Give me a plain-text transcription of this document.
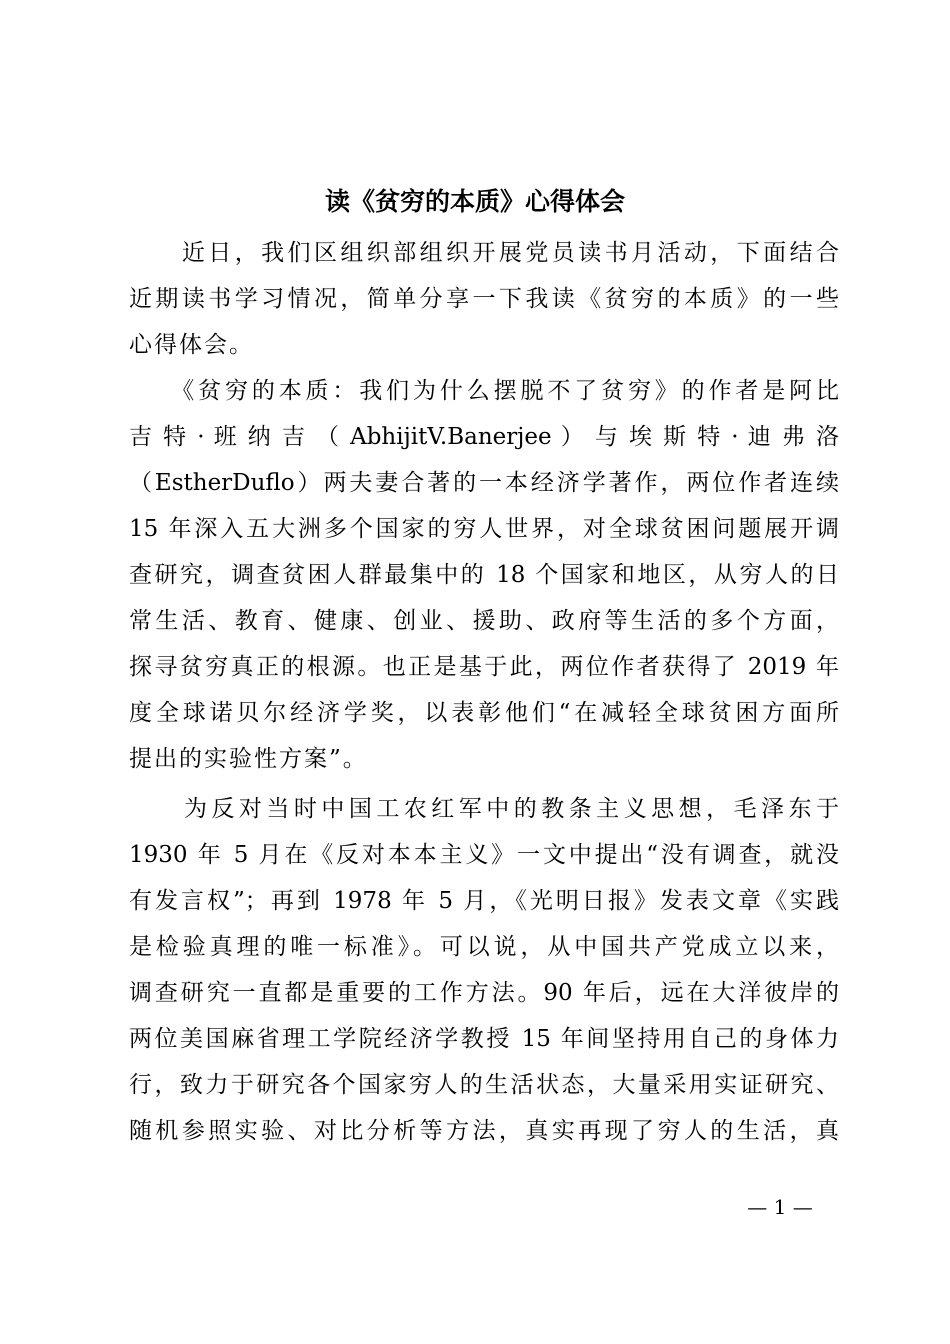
读《贫穷的本质》心得体会
　　近日，我们区组织部组织开展党员读书月活动，下面结合
近期读书学习情况，简单分享一下我读《贫穷的本质》的一些
心得体会。
　　《贫穷的本质：我们为什么摆脱不了贫穷》的作者是阿比
吉 特 · 班 纳 吉 （ AbhijitV.Banerjee ） 与 埃 斯 特 · 迪 弗 洛
（EstherDuflo）两夫妻合著的一本经济学著作，两位作者连续
15 年深入五大洲多个国家的穷人世界，对全球贫困问题展开调
查研究，调查贫困人群最集中的 18 个国家和地区，从穷人的日
常生活、教育、健康、创业、援助、政府等生活的多个方面，
探寻贫穷真正的根源。也正是基于此，两位作者获得了 2019 年
度全球诺贝尔经济学奖，以表彰他们“在减轻全球贫困方面所
提出的实验性方案”。
　　为反对当时中国工农红军中的教条主义思想，毛泽东于
1930 年 5 月在《反对本本主义》一文中提出“没有调查，就没
有发言权”；再到 1978 年 5 月，《光明日报》发表文章《实践
是检验真理的唯一标准》。可以说，从中国共产党成立以来，
调查研究一直都是重要的工作方法。90 年后，远在大洋彼岸的
两位美国麻省理工学院经济学教授 15 年间坚持用自己的身体力
行，致力于研究各个国家穷人的生活状态，大量采用实证研究、
随机参照实验、对比分析等方法，真实再现了穷人的生活，真
— 1 —
